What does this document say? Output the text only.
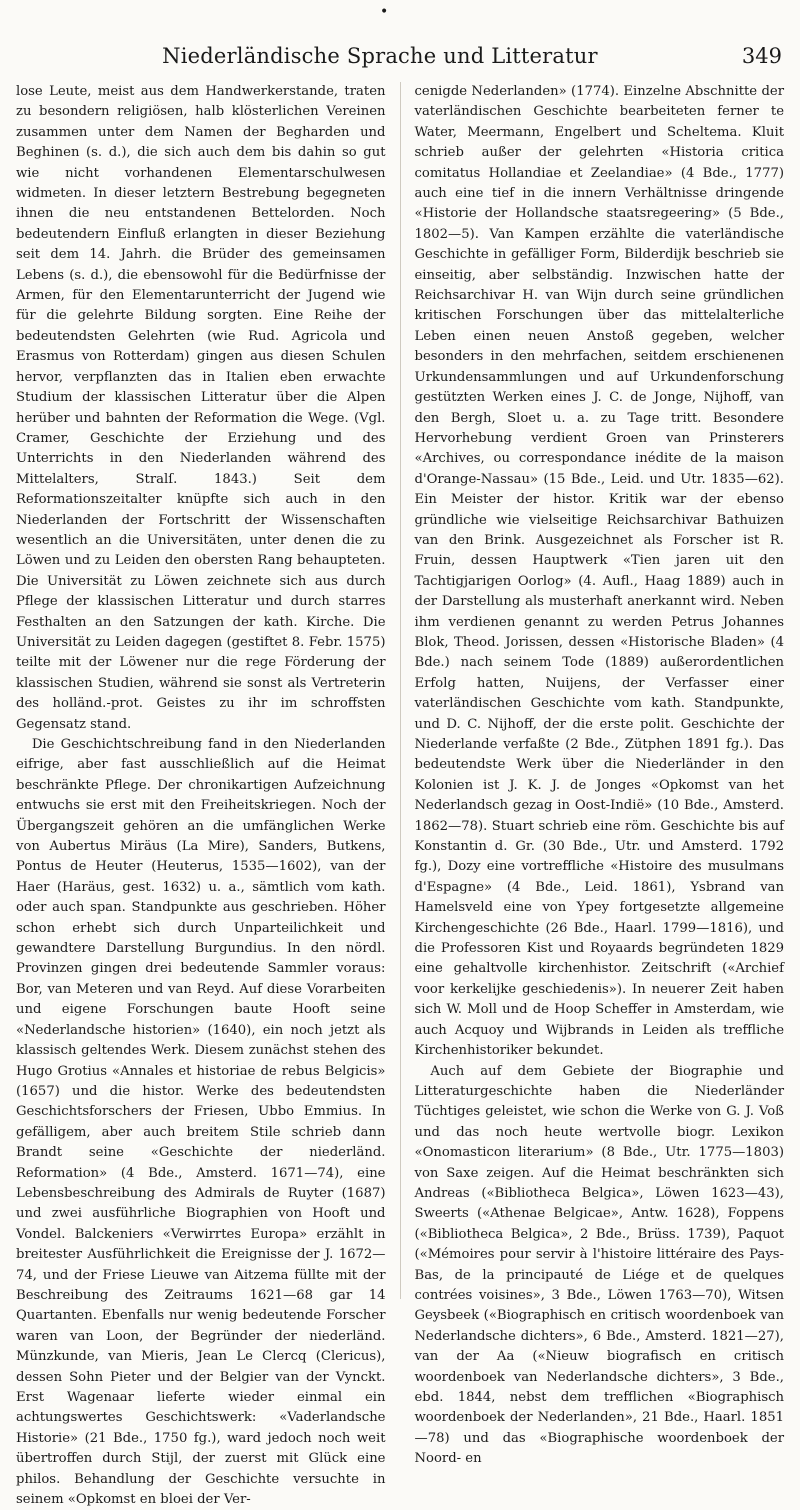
•
Niederländische Sprache und Litteratur	349

lose Leute, meist aus dem Handwerkerstande, traten zu besondern religiösen, halb klösterlichen Vereinen zusammen unter dem Namen der Begharden und Beghinen (s. d.), die sich auch dem bis dahin so gut wie nicht vorhandenen Elementarschulwesen widmeten. In dieser letztern Bestrebung begegneten ihnen die neu entstandenen Bettelorden. Noch bedeutendern Einfluß erlangten in dieser Beziehung seit dem 14. Jahrh. die Brüder des gemeinsamen Lebens (s. d.), die ebensowohl für die Bedürfnisse der Armen, für den Elementarunterricht der Jugend wie für die gelehrte Bildung sorgten. Eine Reihe der bedeutendsten Gelehrten (wie Rud. Agricola und Erasmus von Rotterdam) gingen aus diesen Schulen hervor, verpflanzten das in Italien eben erwachte Studium der klassischen Litteratur über die Alpen herüber und bahnten der Reformation die Wege. (Vgl. Cramer, Geschichte der Erziehung und des Unterrichts in den Niederlanden während des Mittelalters, Stralſ. 1843.) Seit dem Reformationszeitalter knüpfte sich auch in den Niederlanden der Fortschritt der Wissenschaften wesentlich an die Universitäten, unter denen die zu Löwen und zu Leiden den obersten Rang behaupteten. Die Universität zu Löwen zeichnete sich aus durch Pflege der klassischen Litteratur und durch starres Festhalten an den Satzungen der kath. Kirche. Die Universität zu Leiden dagegen (gestiftet 8. Febr. 1575) teilte mit der Löwener nur die rege Förderung der klassischen Studien, während sie sonst als Vertreterin des holländ.-prot. Geistes zu ihr im schroffsten Gegensatz stand.

Die Geschichtschreibung fand in den Niederlanden eifrige, aber fast ausschließlich auf die Heimat beschränkte Pflege. Der chronikartigen Aufzeichnung entwuchs sie erst mit den Freiheitskriegen. Noch der Übergangszeit gehören an die umfänglichen Werke von Aubertus Miräus (La Mire), Sanders, Butkens, Pontus de Heuter (Heuterus, 1535—1602), van der Haer (Haräus, gest. 1632) u. a., sämtlich vom kath. oder auch span. Standpunkte aus geschrieben. Höher schon erhebt sich durch Unparteilichkeit und gewandtere Darstellung Burgundius. In den nördl. Provinzen gingen drei bedeutende Sammler voraus: Bor, van Meteren und van Reyd. Auf diese Vorarbeiten und eigene Forschungen baute Hooft seine «Nederlandsche historien» (1640), ein noch jetzt als klassisch geltendes Werk. Diesem zunächst stehen des Hugo Grotius «Annales et historiae de rebus Belgicis» (1657) und die histor. Werke des bedeutendsten Geschichtsforschers der Friesen, Ubbo Emmius. In gefälligem, aber auch breitem Stile schrieb dann Brandt seine «Geschichte der niederländ. Reformation» (4 Bde., Amsterd. 1671—74), eine Lebensbeschreibung des Admirals de Ruyter (1687) und zwei ausführliche Biographien von Hooft und Vondel. Balckeniers «Verwirrtes Europa» erzählt in breitester Ausführlichkeit die Ereignisse der J. 1672—74, und der Friese Lieuwe van Aitzema füllte mit der Beschreibung des Zeitraums 1621—68 gar 14 Quartanten. Ebenfalls nur wenig bedeutende Forscher waren van Loon, der Begründer der niederländ. Münzkunde, van Mieris, Jean Le Clercq (Clericus), dessen Sohn Pieter und der Belgier van der Vynckt. Erst Wagenaar lieferte wieder einmal ein achtungswertes Geschichtswerk: «Vaderlandsche Historie» (21 Bde., 1750 fg.), ward jedoch noch weit übertroffen durch Stijl, der zuerst mit Glück eine philos. Behandlung der Geschichte versuchte in seinem «Opkomst en bloei der Ver-

cenigde Nederlanden» (1774). Einzelne Abschnitte der vaterländischen Geschichte bearbeiteten ferner te Water, Meermann, Engelbert und Scheltema. Kluit schrieb außer der gelehrten «Historia critica comitatus Hollandiae et Zeelandiae» (4 Bde., 1777) auch eine tief in die innern Verhältnisse dringende «Historie der Hollandsche staatsregeering» (5 Bde., 1802—5). Van Kampen erzählte die vaterländische Geschichte in gefälliger Form, Bilderdijk beschrieb sie einseitig, aber selbständig. Inzwischen hatte der Reichsarchivar H. van Wijn durch seine gründlichen kritischen Forschungen über das mittelalterliche Leben einen neuen Anstoß gegeben, welcher besonders in den mehrfachen, seitdem erschienenen Urkundensammlungen und auf Urkundenforschung gestützten Werken eines J. C. de Jonge, Nijhoff, van den Bergh, Sloet u. a. zu Tage tritt. Besondere Hervorhebung verdient Groen van Prinsterers «Archives, ou correspondance inédite de la maison d'Orange-Nassau» (15 Bde., Leid. und Utr. 1835—62). Ein Meister der histor. Kritik war der ebenso gründliche wie vielseitige Reichsarchivar Bathuizen van den Brink. Ausgezeichnet als Forscher ist R. Fruin, dessen Hauptwerk «Tien jaren uit den Tachtigjarigen Oorlog» (4. Aufl., Haag 1889) auch in der Darstellung als musterhaft anerkannt wird. Neben ihm verdienen genannt zu werden Petrus Johannes Blok, Theod. Jorissen, dessen «Historische Bladen» (4 Bde.) nach seinem Tode (1889) außerordentlichen Erfolg hatten, Nuijens, der Verfasser einer vaterländischen Geschichte vom kath. Standpunkte, und D. C. Nijhoff, der die erste polit. Geschichte der Niederlande verfaßte (2 Bde., Zütphen 1891 fg.). Das bedeutendste Werk über die Niederländer in den Kolonien ist J. K. J. de Jonges «Opkomst van het Nederlandsch gezag in Oost-Indië» (10 Bde., Amsterd. 1862—78). Stuart schrieb eine röm. Geschichte bis auf Konstantin d. Gr. (30 Bde., Utr. und Amsterd. 1792 fg.), Dozy eine vortreffliche «Histoire des musulmans d'Espagne» (4 Bde., Leid. 1861), Ysbrand van Hamelsveld eine von Ypey fortgesetzte allgemeine Kirchengeschichte (26 Bde., Haarl. 1799—1816), und die Professoren Kist und Royaards begründeten 1829 eine gehaltvolle kirchenhistor. Zeitschrift («Archief voor kerkelijke geschiedenis»). In neuerer Zeit haben sich W. Moll und de Hoop Scheffer in Amsterdam, wie auch Acquoy und Wijbrands in Leiden als treffliche Kirchenhistoriker bekundet.

Auch auf dem Gebiete der Biographie und Litteraturgeschichte haben die Niederländer Tüchtiges geleistet, wie schon die Werke von G. J. Voß und das noch heute wertvolle biogr. Lexikon «Onomasticon literarium» (8 Bde., Utr. 1775—1803) von Saxe zeigen. Auf die Heimat beschränkten sich Andreas («Bibliotheca Belgica», Löwen 1623—43), Sweerts («Athenae Belgicae», Antw. 1628), Foppens («Bibliotheca Belgica», 2 Bde., Brüss. 1739), Paquot («Mémoires pour servir à l'histoire littéraire des Pays-Bas, de la principauté de Liége et de quelques contrées voisines», 3 Bde., Löwen 1763—70), Witsen Geysbeek («Biographisch en critisch woordenboek van Nederlandsche dichters», 6 Bde., Amsterd. 1821—27), van der Aa («Nieuw biografisch en critisch woordenboek van Nederlandsche dichters», 3 Bde., ebd. 1844, nebst dem trefflichen «Biographisch woordenboek der Nederlanden», 21 Bde., Haarl. 1851—78) und das «Biographische woordenboek der Noord- en
